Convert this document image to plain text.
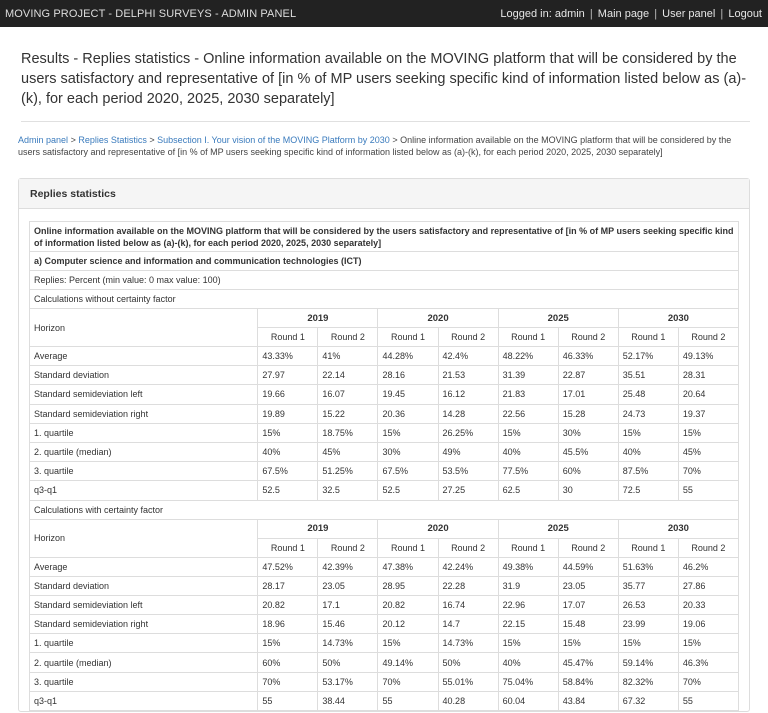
MOVING PROJECT - DELPHI SURVEYS - ADMIN PANEL	Logged in: admin | Main page | User panel | Logout
Results - Replies statistics - Online information available on the MOVING platform that will be considered by the users satisfactory and representative of [in % of MP users seeking specific kind of information listed below as (a)-(k), for each period 2020, 2025, 2030 separately]
Admin panel > Replies Statistics > Subsection I. Your vision of the MOVING Platform by 2030 > Online information available on the MOVING platform that will be considered by the users satisfactory and representative of [in % of MP users seeking specific kind of information listed below as (a)-(k), for each period 2020, 2025, 2030 separately]
Replies statistics
Online information available on the MOVING platform that will be considered by the users satisfactory and representative of [in % of MP users seeking specific kind of information listed below as (a)-(k), for each period 2020, 2025, 2030 separately]								
a) Computer science and information and communication technologies (ICT)								
Replies: Percent (min value: 0 max value: 100)								
Calculations without certainty factor								
Horizon	2019		2020		2025		2030	
	Round 1	Round 2	Round 1	Round 2	Round 1	Round 2	Round 1	Round 2
Average	43.33%	41%	44.28%	42.4%	48.22%	46.33%	52.17%	49.13%
Standard deviation	27.97	22.14	28.16	21.53	31.39	22.87	35.51	28.31
Standard semideviation left	19.66	16.07	19.45	16.12	21.83	17.01	25.48	20.64
Standard semideviation right	19.89	15.22	20.36	14.28	22.56	15.28	24.73	19.37
1. quartile	15%	18.75%	15%	26.25%	15%	30%	15%	15%
2. quartile (median)	40%	45%	30%	49%	40%	45.5%	40%	45%
3. quartile	67.5%	51.25%	67.5%	53.5%	77.5%	60%	87.5%	70%
q3-q1	52.5	32.5	52.5	27.25	62.5	30	72.5	55
Calculations with certainty factor								
Horizon	2019		2020		2025		2030	
	Round 1	Round 2	Round 1	Round 2	Round 1	Round 2	Round 1	Round 2
Average	47.52%	42.39%	47.38%	42.24%	49.38%	44.59%	51.63%	46.2%
Standard deviation	28.17	23.05	28.95	22.28	31.9	23.05	35.77	27.86
Standard semideviation left	20.82	17.1	20.82	16.74	22.96	17.07	26.53	20.33
Standard semideviation right	18.96	15.46	20.12	14.7	22.15	15.48	23.99	19.06
1. quartile	15%	14.73%	15%	14.73%	15%	15%	15%	15%
2. quartile (median)	60%	50%	49.14%	50%	40%	45.47%	59.14%	46.3%
3. quartile	70%	53.17%	70%	55.01%	75.04%	58.84%	82.32%	70%
q3-q1	55	38.44	55	40.28	60.04	43.84	67.32	55
